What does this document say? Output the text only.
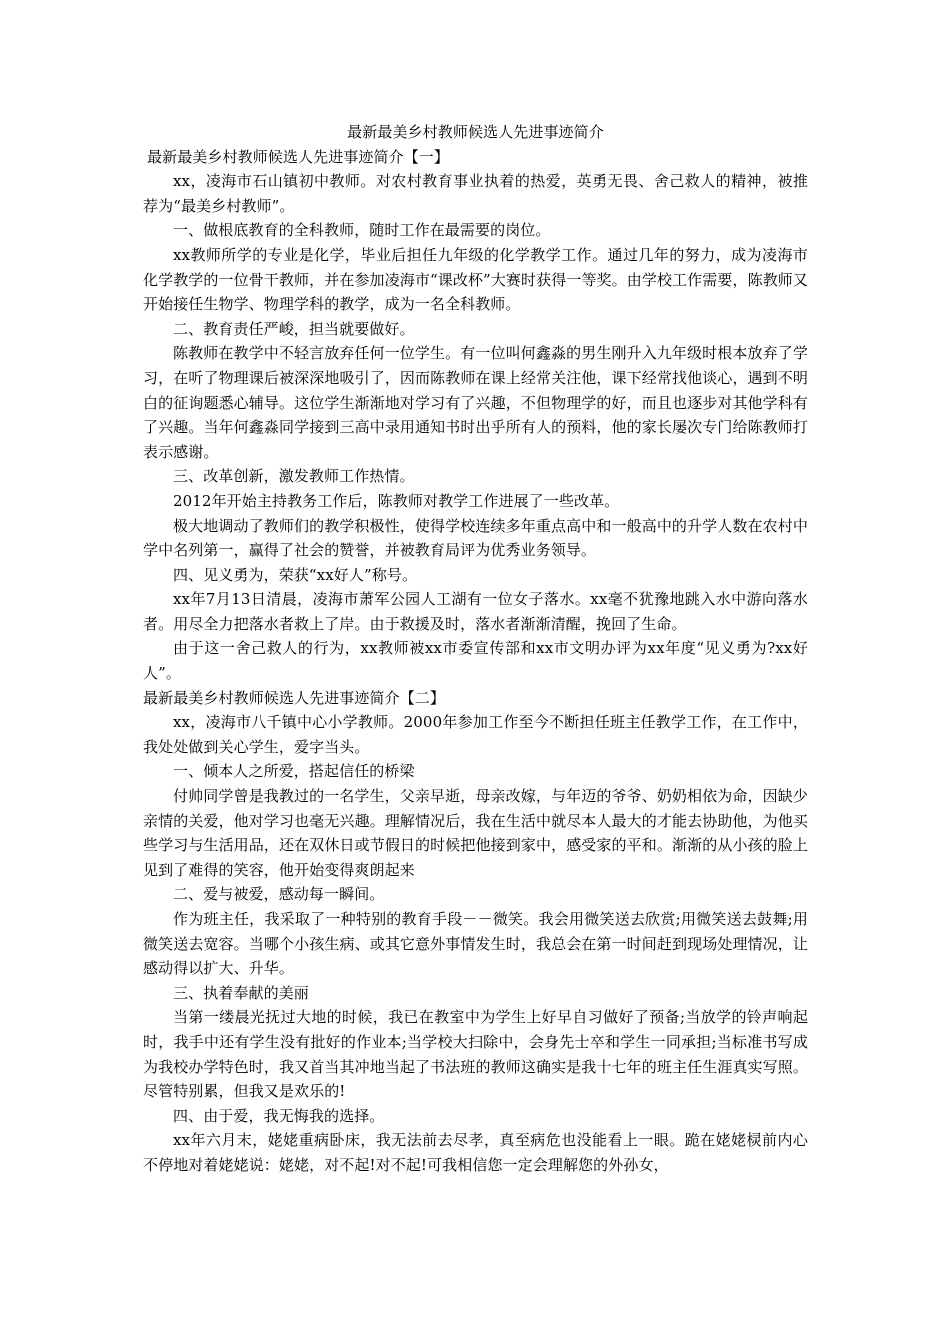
最新最美乡村教师候选人先进事迹简介

最新最美乡村教师候选人先进事迹简介【一】

xx，凌海市石山镇初中教师。对农村教育事业执着的热爱，英勇无畏、舍己救人的精神，被推荐为“最美乡村教师”。

一、做根底教育的全科教师，随时工作在最需要的岗位。

xx教师所学的专业是化学，毕业后担任九年级的化学教学工作。通过几年的努力，成为凌海市化学教学的一位骨干教师，并在参加凌海市“课改杯”大赛时获得一等奖。由学校工作需要，陈教师又开始接任生物学、物理学科的教学，成为一名全科教师。

二、教育责任严峻，担当就要做好。

陈教师在教学中不轻言放弃任何一位学生。有一位叫何鑫淼的男生刚升入九年级时根本放弃了学习，在听了物理课后被深深地吸引了，因而陈教师在课上经常关注他，课下经常找他谈心，遇到不明白的征询题悉心辅导。这位学生渐渐地对学习有了兴趣，不但物理学的好，而且也逐步对其他学科有了兴趣。当年何鑫淼同学接到三高中录用通知书时出乎所有人的预料，他的家长屡次专门给陈教师打表示感谢。

三、改革创新，激发教师工作热情。

2012年开始主持教务工作后，陈教师对教学工作进展了一些改革。

极大地调动了教师们的教学积极性，使得学校连续多年重点高中和一般高中的升学人数在农村中学中名列第一，赢得了社会的赞誉，并被教育局评为优秀业务领导。

四、见义勇为，荣获“xx好人”称号。

xx年7月13日清晨，凌海市萧军公园人工湖有一位女子落水。xx毫不犹豫地跳入水中游向落水者。用尽全力把落水者救上了岸。由于救援及时，落水者渐渐清醒，挽回了生命。

由于这一舍己救人的行为，xx教师被xx市委宣传部和xx市文明办评为xx年度“见义勇为?xx好人”。

最新最美乡村教师候选人先进事迹简介【二】

xx，凌海市八千镇中心小学教师。2000年参加工作至今不断担任班主任教学工作，在工作中，我处处做到关心学生，爱字当头。

一、倾本人之所爱，搭起信任的桥梁

付帅同学曾是我教过的一名学生，父亲早逝，母亲改嫁，与年迈的爷爷、奶奶相依为命，因缺少亲情的关爱，他对学习也毫无兴趣。理解情况后，我在生活中就尽本人最大的才能去协助他，为他买些学习与生活用品，还在双休日或节假日的时候把他接到家中，感受家的平和。渐渐的从小孩的脸上见到了难得的笑容，他开始变得爽朗起来

二、爱与被爱，感动每一瞬间。

作为班主任，我采取了一种特别的教育手段－－微笑。我会用微笑送去欣赏;用微笑送去鼓舞;用微笑送去宽容。当哪个小孩生病、或其它意外事情发生时，我总会在第一时间赶到现场处理情况，让感动得以扩大、升华。

三、执着奉献的美丽

当第一缕晨光抚过大地的时候，我已在教室中为学生上好早自习做好了预备;当放学的铃声响起时，我手中还有学生没有批好的作业本;当学校大扫除中，会身先士卒和学生一同承担;当标准书写成为我校办学特色时，我又首当其冲地当起了书法班的教师这确实是我十七年的班主任生涯真实写照。尽管特别累，但我又是欢乐的!

四、由于爱，我无悔我的选择。

xx年六月末，姥姥重病卧床，我无法前去尽孝，真至病危也没能看上一眼。跪在姥姥棂前内心不停地对着姥姥说：姥姥，对不起!对不起!可我相信您一定会理解您的外孙女，
